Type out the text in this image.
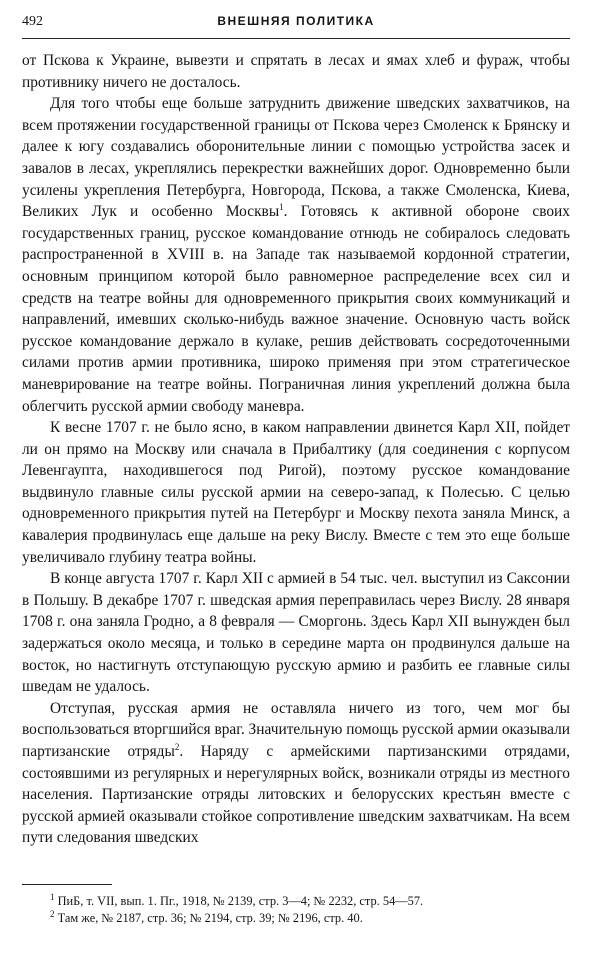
492	ВНЕШНЯЯ ПОЛИТИКА

от Пскова к Украине, вывезти и спрятать в лесах и ямах хлеб и фураж, чтобы противнику ничего не досталось.

Для того чтобы еще больше затруднить движение шведских захватчиков, на всем протяжении государственной границы от Пскова через Смоленск к Брянску и далее к югу создавались оборонительные линии с помощью устройства засек и завалов в лесах, укреплялись перекрестки важнейших дорог. Одновременно были усилены укрепления Петербурга, Новгорода, Пскова, а также Смоленска, Киева, Великих Лук и особенно Москвы$^1$. Готовясь к активной обороне своих государственных границ, русское командование отнюдь не собиралось следовать распространенной в XVIII в. на Западе так называемой кордонной стратегии, основным принципом которой было равномерное распределение всех сил и средств на театре войны для одновременного прикрытия своих коммуникаций и направлений, имевших сколько-нибудь важное значение. Основную часть войск русское командование держало в кулаке, решив действовать сосредоточенными силами против армии противника, широко применяя при этом стратегическое маневрирование на театре войны. Пограничная линия укреплений должна была облегчить русской армии свободу маневра.

К весне 1707 г. не было ясно, в каком направлении двинется Карл XII, пойдет ли он прямо на Москву или сначала в Прибалтику (для соединения с корпусом Левенгаупта, находившегося под Ригой), поэтому русское командование выдвинуло главные силы русской армии на северо-запад, к Полесью. С целью одновременного прикрытия путей на Петербург и Москву пехота заняла Минск, а кавалерия продвинулась еще дальше на реку Вислу. Вместе с тем это еще больше увеличивало глубину театра войны.

В конце августа 1707 г. Карл XII с армией в 54 тыс. чел. выступил из Саксонии в Польшу. В декабре 1707 г. шведская армия переправилась через Вислу. 28 января 1708 г. она заняла Гродно, а 8 февраля — Сморгонь. Здесь Карл XII вынужден был задержаться около месяца, и только в середине марта он продвинулся дальше на восток, но настигнуть отступающую русскую армию и разбить ее главные силы шведам не удалось.

Отступая, русская армия не оставляла ничего из того, чем мог бы воспользоваться вторгшийся враг. Значительную помощь русской армии оказывали партизанские отряды$^2$. Наряду с армейскими партизанскими отрядами, состоявшими из регулярных и нерегулярных войск, возникали отряды из местного населения. Партизанские отряды литовских и белорусских крестьян вместе с русской армией оказывали стойкое сопротивление шведским захватчикам. На всем пути следования шведских

$^1$ ПиБ, т. VII, вып. 1. Пг., 1918, № 2139, стр. 3—4; № 2232, стр. 54—57.

$^2$ Там же, № 2187, стр. 36; № 2194, стр. 39; № 2196, стр. 40.
